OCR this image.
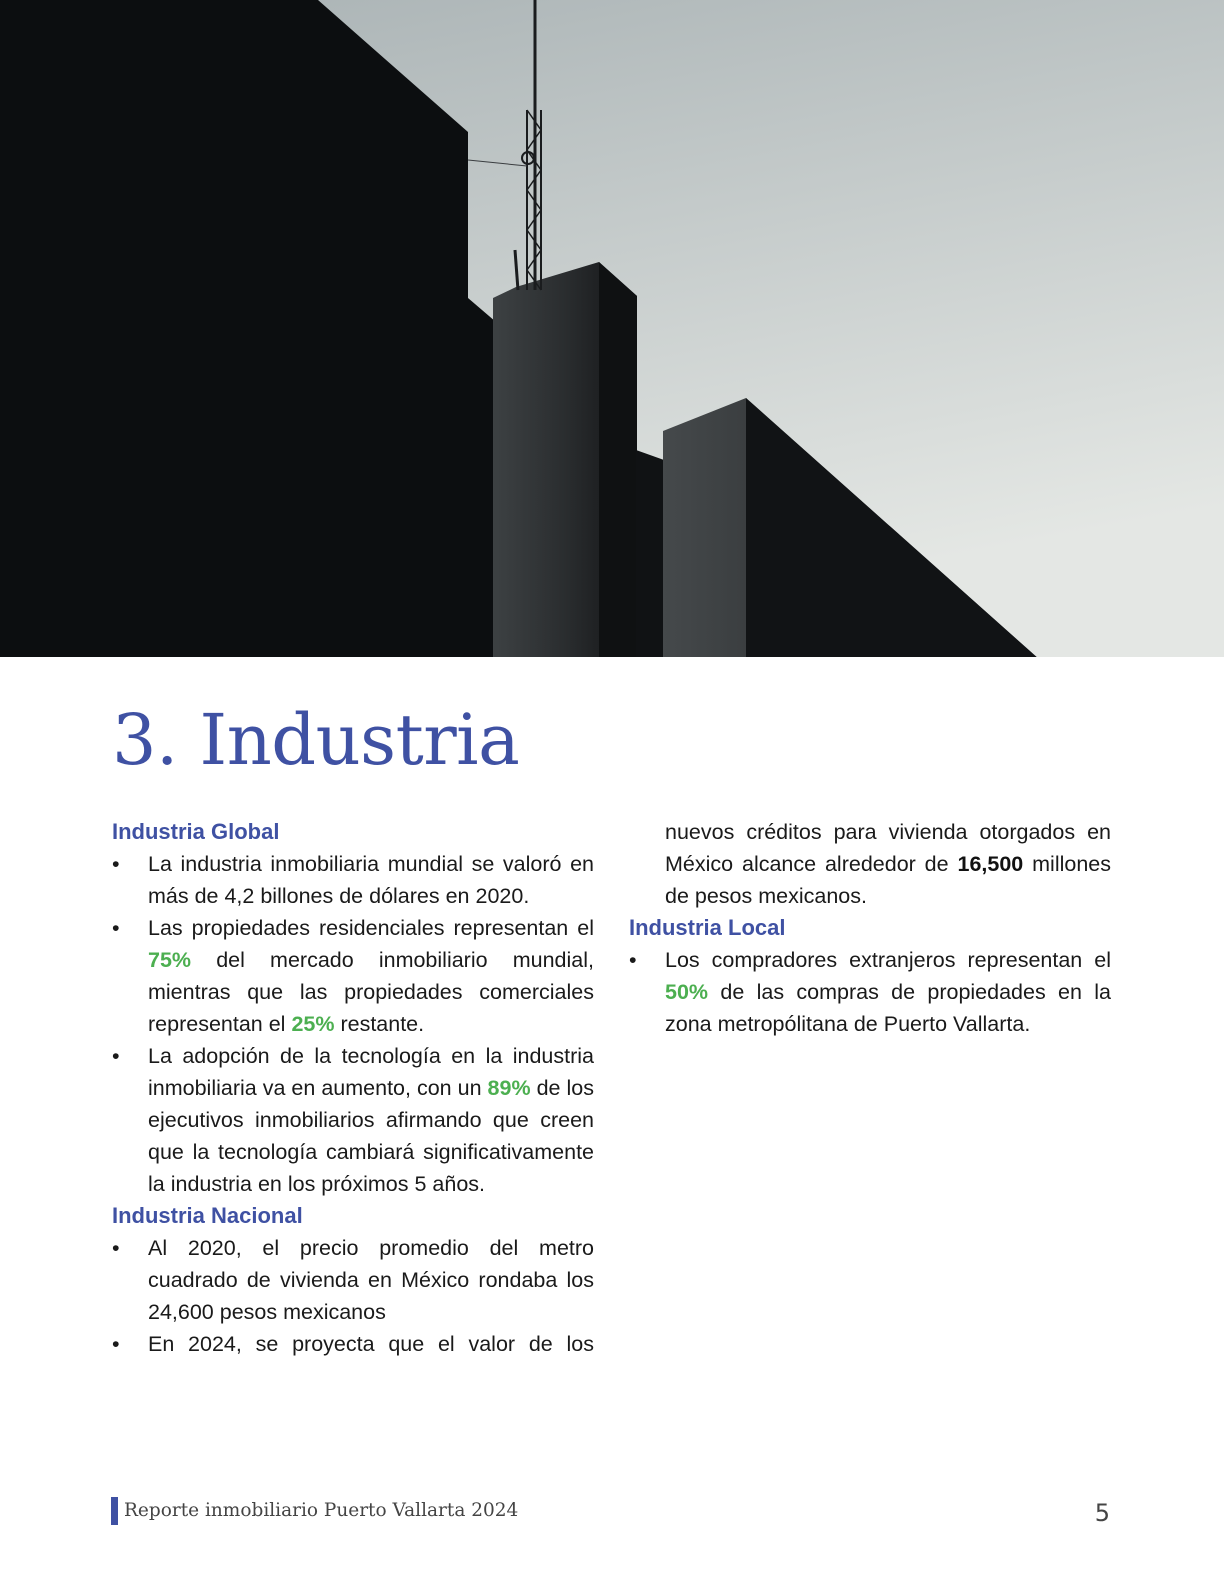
3. Industria
Industria Global
• La industria inmobiliaria mundial se valoró en más de 4,2 billones de dólares en 2020.
• Las propiedades residenciales representan el 75% del mercado inmobiliario mundial, mientras que las propiedades comerciales representan el 25% restante.
• La adopción de la tecnología en la industria inmobiliaria va en aumento, con un 89% de los ejecutivos inmobiliarios afirmando que creen que la tecnología cambiará significativamente la industria en los próximos 5 años.
Industria Nacional
• Al 2020, el precio promedio del metro cuadrado de vivienda en México rondaba los 24,600 pesos mexicanos
• En 2024, se proyecta que el valor de los
nuevos créditos para vivienda otorgados en México alcance alrededor de 16,500 millones de pesos mexicanos.
Industria Local
• Los compradores extranjeros representan el 50% de las compras de propiedades en la zona metropólitana de Puerto Vallarta.
Reporte inmobiliario Puerto Vallarta 2024	5
